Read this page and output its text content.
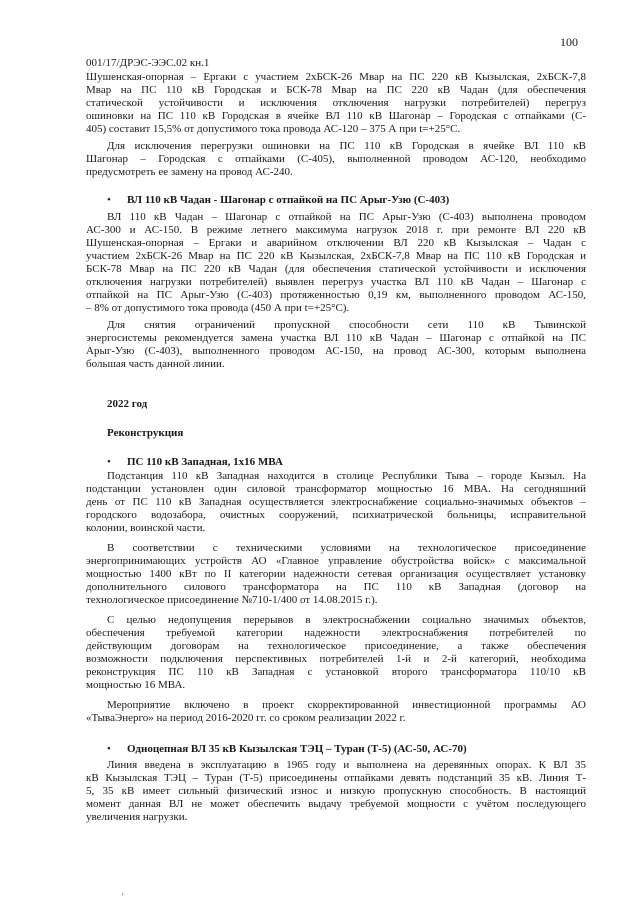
100
001/17/ДРЭС-ЭЭС.02 кн.1
Шушенская-опорная – Ергаки с участием 2хБСК-26 Мвар на ПС 220 кВ Кызылская, 2хБСК-7,8
Мвар на ПС 110 кВ Городская и БСК-78 Мвар на ПС 220 кВ Чадан (для обеспечения
статической устойчивости и исключения отключения нагрузки потребителей) перегруз
ошиновки на ПС 110 кВ Городская в ячейке ВЛ 110 кВ Шагонар – Городская с отпайками (С-
405) составит 15,5% от допустимого тока провода АС-120 – 375 А при t=+25°С.
Для исключения перегрузки ошиновки на ПС 110 кВ Городская в ячейке ВЛ 110 кВ
Шагонар – Городская с отпайками (С-405), выполненной проводом АС-120, необходимо
предусмотреть ее замену на провод АС-240.
• ВЛ 110 кВ Чадан - Шагонар с отпайкой на ПС Арыг-Узю (С-403)
ВЛ 110 кВ Чадан – Шагонар с отпайкой на ПС Арыг-Узю (С-403) выполнена проводом
АС-300 и АС-150. В режиме летнего максимума нагрузок 2018 г. при ремонте ВЛ 220 кВ
Шушенская-опорная – Ергаки и аварийном отключении ВЛ 220 кВ Кызылская – Чадан с
участием 2хБСК-26 Мвар на ПС 220 кВ Кызылская, 2хБСК-7,8 Мвар на ПС 110 кВ Городская и
БСК-78 Мвар на ПС 220 кВ Чадан (для обеспечения статической устойчивости и исключения
отключения нагрузки потребителей) выявлен перегруз участка ВЛ 110 кВ Чадан – Шагонар с
отпайкой на ПС Арыг-Узю (С-403) протяженностью 0,19 км, выполненного проводом АС-150,
– 8% от допустимого тока провода (450 А при t=+25°С).
Для снятия ограничений пропускной способности сети 110 кВ Тывинской
энергосистемы рекомендуется замена участка ВЛ 110 кВ Чадан – Шагонар с отпайкой на ПС
Арыг-Узю (С-403), выполненного проводом АС-150, на провод АС-300, которым выполнена
большая часть данной линии.
2022 год
Реконструкция
• ПС 110 кВ Западная, 1х16 МВА
Подстанция 110 кВ Западная находится в столице Республики Тыва – городе Кызыл. На
подстанции установлен один силовой трансформатор мощностью 16 МВА. На сегодняшний
день от ПС 110 кВ Западная осуществляется электроснабжение социально-значимых объектов –
городского водозабора, очистных сооружений, психиатрической больницы, исправительной
колонии, воинской части.
В соответствии с техническими условиями на технологическое присоединение
энергопринимающих устройств АО «Главное управление обустройства войск» с максимальной
мощностью 1400 кВт по II категории надежности сетевая организация осуществляет установку
дополнительного силового трансформатора на ПС 110 кВ Западная (договор на
технологическое присоединение №710-1/400 от 14.08.2015 г.).
С целью недопущения перерывов в электроснабжении социально значимых объектов,
обеспечения требуемой категории надежности электроснабжения потребителей по
действующим договорам на технологическое присоединение, а также обеспечения
возможности подключения перспективных потребителей 1-й и 2-й категорий, необходима
реконструкция ПС 110 кВ Западная с установкой второго трансформатора 110/10 кВ
мощностью 16 МВА.
Мероприятие включено в проект скорректированной инвестиционной программы АО
«ТываЭнерго» на период 2016-2020 гг. со сроком реализации 2022 г.
• Одноцепная ВЛ 35 кВ Кызылская ТЭЦ – Туран (Т-5) (АС-50, АС-70)
Линия введена в эксплуатацию в 1965 году и выполнена на деревянных опорах. К ВЛ 35
кВ Кызылская ТЭЦ – Туран (Т-5) присоединены отпайками девять подстанций 35 кВ. Линия Т-
5, 35 кВ имеет сильный физический износ и низкую пропускную способность. В настоящий
момент данная ВЛ не может обеспечить выдачу требуемой мощности с учётом последующего
увеличения нагрузки.
